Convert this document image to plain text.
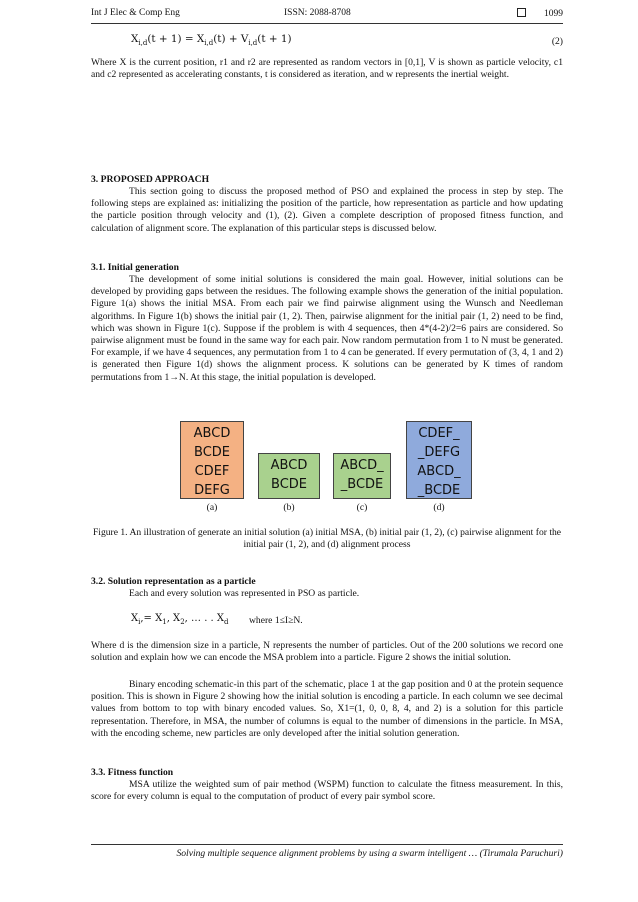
Int J Elec & Comp Eng	ISSN: 2088-8708	1099
$X_{i,d}(t + 1) = X_{i,d}(t) + V_{i,d}(t + 1)$	(2)
Where X is the current position, r1 and r2 are represented as random vectors in [0,1], V is shown as particle velocity, c1 and c2 represented as accelerating constants, t is considered as iteration, and w represents the inertial weight.
3. PROPOSED APPROACH
This section going to discuss the proposed method of PSO and explained the process in step by step. The following steps are explained as: initializing the position of the particle, how representation as particle and how updating the particle position through velocity and (1), (2). Given a complete description of proposed fitness function, and calculation of alignment score. The explanation of this particular steps is discussed below.
3.1. Initial generation
The development of some initial solutions is considered the main goal. However, initial solutions can be developed by providing gaps between the residues. The following example shows the generation of the initial population. Figure 1(a) shows the initial MSA. From each pair we find pairwise alignment using the Wunsch and Needleman algorithms. In Figure 1(b) shows the initial pair (1, 2). Then, pairwise alignment for the initial pair (1, 2) need to be find, which was shown in Figure 1(c). Suppose if the problem is with 4 sequences, then 4*(4-2)/2=6 pairs are considered. So pairwise alignment must be found in the same way for each pair. Now random permutation from 1 to N must be generated. For example, if we have 4 sequences, any permutation from 1 to 4 can be generated. If every permutation of (3, 4, 1 and 2) is generated then Figure 1(d) shows the alignment process. K solutions can be generated by K times of random permutations from 1→N. At this stage, the initial population is developed.
ABCD
BCDE
CDEF
DEFG
ABCD
BCDE
ABCD_
_BCDE
CDEF_
_DEFG
ABCD_
_BCDE
(a)	(b)	(c)	(d)
Figure 1. An illustration of generate an initial solution (a) initial MSA, (b) initial pair (1, 2), (c) pairwise alignment for the initial pair (1, 2), and (d) alignment process
3.2. Solution representation as a particle
Each and every solution was represented in PSO as particle.
$X_i,= X_1$, $X_2$, … . . $X_d$ where 1≤I≥N.
Where d is the dimension size in a particle, N represents the number of particles. Out of the 200 solutions we record one solution and explain how we can encode the MSA problem into a particle. Figure 2 shows the initial solution.
Binary encoding schematic-in this part of the schematic, place 1 at the gap position and 0 at the protein sequence position. This is shown in Figure 2 showing how the initial solution is encoding a particle. In each column we see decimal values from bottom to top with binary encoded values. So, X1=(1, 0, 0, 8, 4, and 2) is a solution for this particle representation. Therefore, in MSA, the number of columns is equal to the number of dimensions in the particle. In MSA, with the encoding scheme, new particles are only developed after the initial solution generation.
3.3. Fitness function
MSA utilize the weighted sum of pair method (WSPM) function to calculate the fitness measurement. In this, score for every column is equal to the computation of product of every pair symbol score.
Solving multiple sequence alignment problems by using a swarm intelligent … (Tirumala Paruchuri)
